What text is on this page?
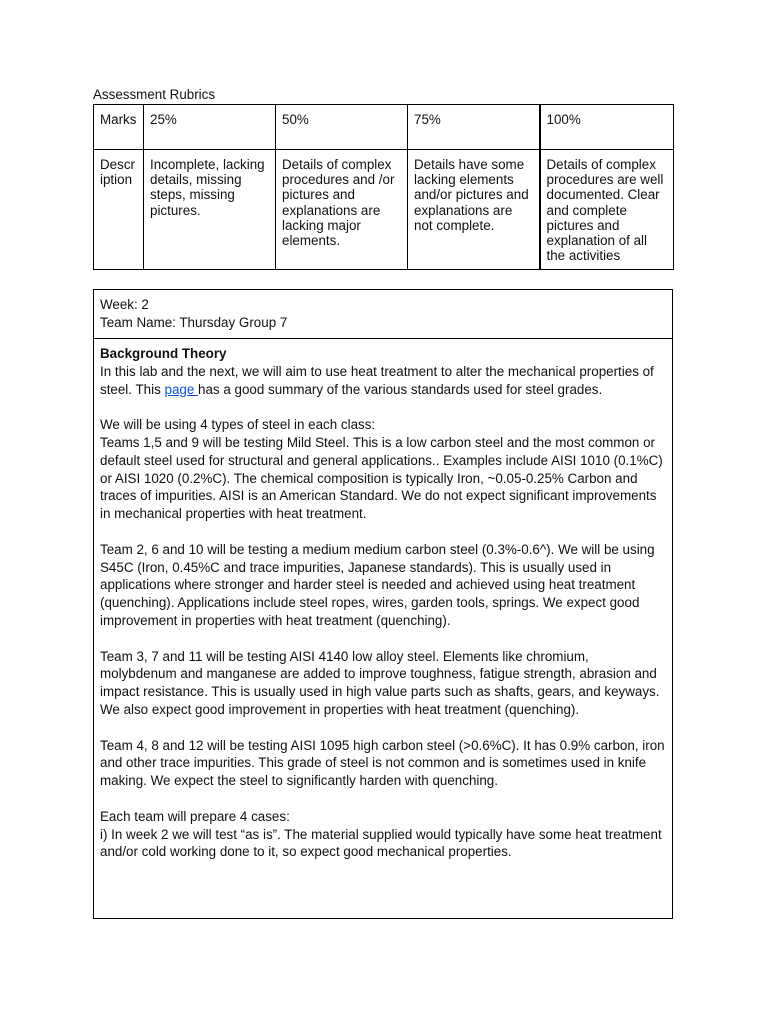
Assessment Rubrics
Marks	25%	50%	75%	100%
Description	Incomplete, lacking details, missing steps, missing pictures.	Details of complex procedures and /or pictures and explanations are lacking major elements.	Details have some lacking elements and/or pictures and explanations are not complete.	Details of complex procedures are well documented. Clear and complete pictures and explanation of all the activities
Week: 2
Team Name: Thursday Group 7
Background Theory

In this lab and the next, we will aim to use heat treatment to alter the mechanical properties of steel. This page has a good summary of the various standards used for steel grades.

We will be using 4 types of steel in each class:

Teams 1,5 and 9 will be testing Mild Steel. This is a low carbon steel and the most common or default steel used for structural and general applications.. Examples include AISI 1010 (0.1%C) or AISI 1020 (0.2%C). The chemical composition is typically Iron, ~0.05-0.25% Carbon and traces of impurities. AISI is an American Standard. We do not expect significant improvements in mechanical properties with heat treatment.

Team 2, 6 and 10 will be testing a medium medium carbon steel (0.3%-0.6^). We will be using S45C (Iron, 0.45%C and trace impurities, Japanese standards). This is usually used in applications where stronger and harder steel is needed and achieved using heat treatment (quenching). Applications include steel ropes, wires, garden tools, springs. We expect good improvement in properties with heat treatment (quenching).

Team 3, 7 and 11 will be testing AISI 4140 low alloy steel. Elements like chromium, molybdenum and manganese are added to improve toughness, fatigue strength, abrasion and impact resistance. This is usually used in high value parts such as shafts, gears, and keyways. We also expect good improvement in properties with heat treatment (quenching).

Team 4, 8 and 12 will be testing AISI 1095 high carbon steel (>0.6%C). It has 0.9% carbon, iron and other trace impurities. This grade of steel is not common and is sometimes used in knife making. We expect the steel to significantly harden with quenching.

Each team will prepare 4 cases:

i) In week 2 we will test “as is”. The material supplied would typically have some heat treatment and/or cold working done to it, so expect good mechanical properties.
